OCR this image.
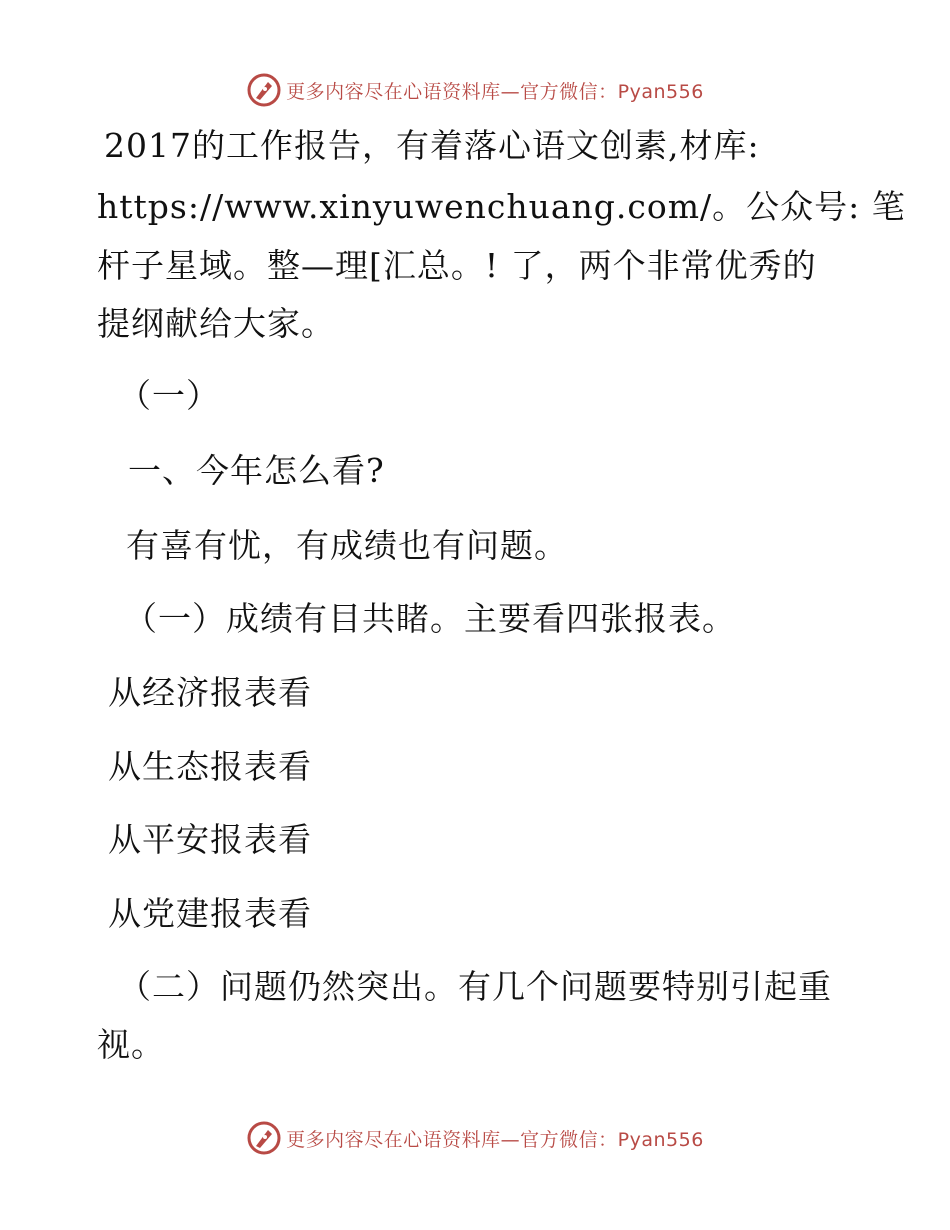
更多内容尽在心语资料库—官方微信：Pyan556
2017的工作报告，有着落心语文创素,材库:
https://www.xinyuwenchuang.com/。公众号: 笔
杆子星域。整—理[汇总。! 了，两个非常优秀的
提纲献给大家。
（一）
一、今年怎么看?
有喜有忧，有成绩也有问题。
（一）成绩有目共睹。主要看四张报表。
从经济报表看
从生态报表看
从平安报表看
从党建报表看
（二）问题仍然突出。有几个问题要特别引起重
视。
更多内容尽在心语资料库—官方微信：Pyan556
